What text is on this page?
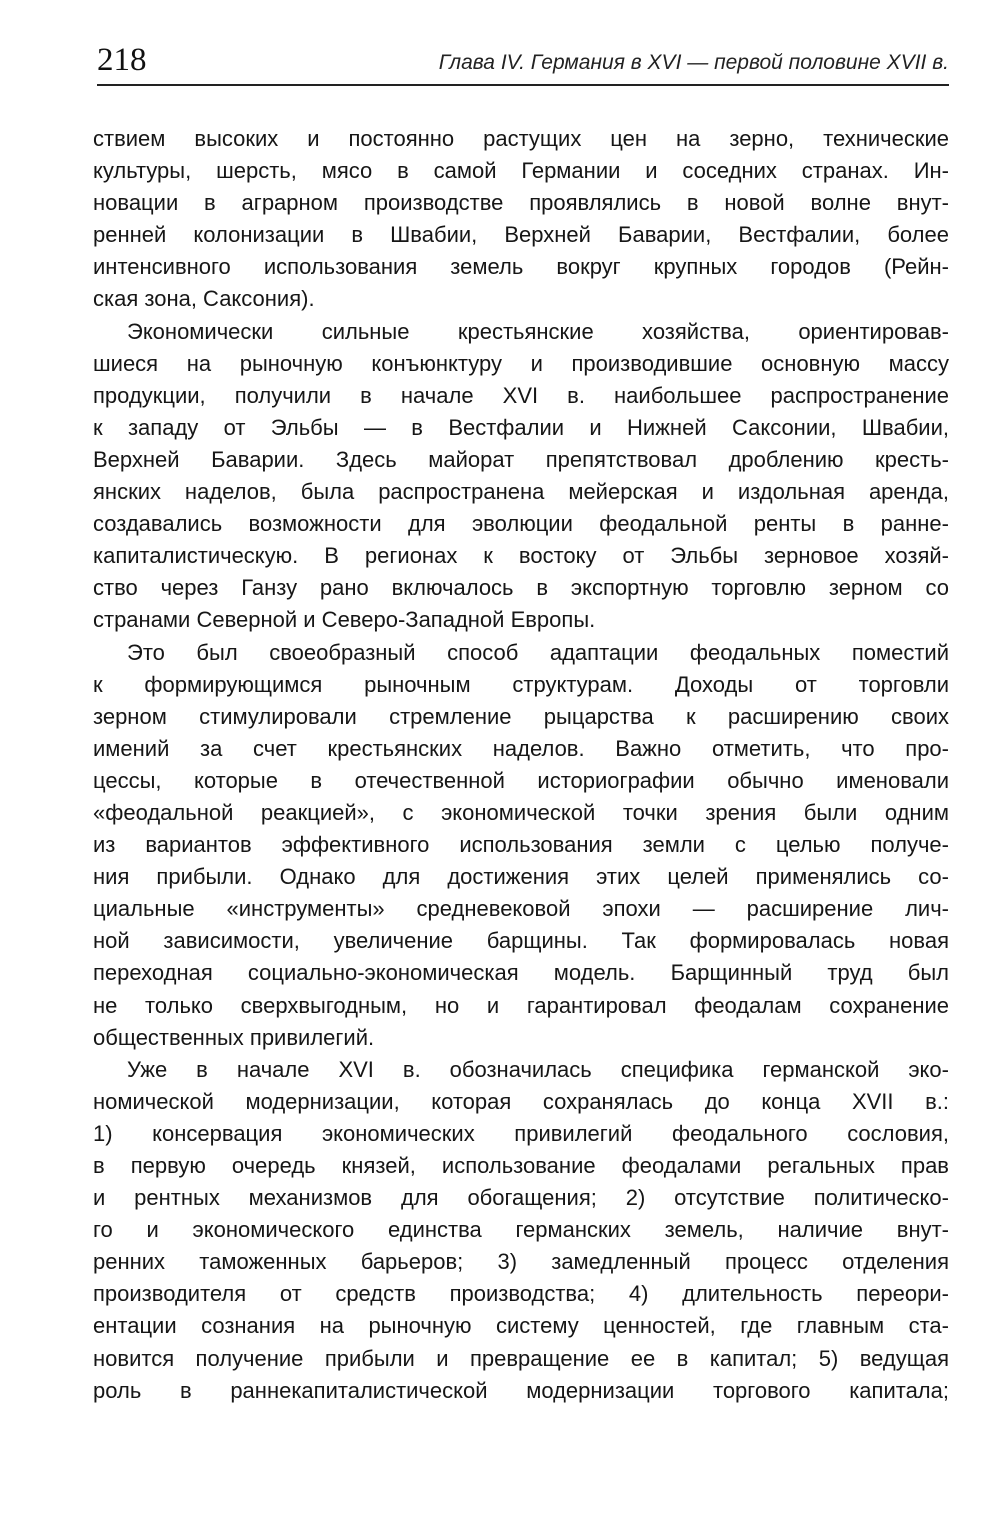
218	Глава IV. Германия в XVI — первой половине XVII в.
ствием высоких и постоянно растущих цен на зерно, технические
культуры, шерсть, мясо в самой Германии и соседних странах. Ин-
новации в аграрном производстве проявлялись в новой волне внут-
ренней колонизации в Швабии, Верхней Баварии, Вестфалии, более
интенсивного использования земель вокруг крупных городов (Рейн-
ская зона, Саксония).
Экономически сильные крестьянские хозяйства, ориентировав-
шиеся на рыночную конъюнктуру и производившие основную массу
продукции, получили в начале XVI в. наибольшее распространение
к западу от Эльбы — в Вестфалии и Нижней Саксонии, Швабии,
Верхней Баварии. Здесь майорат препятствовал дроблению кресть-
янских наделов, была распространена мейерская и издольная аренда,
создавались возможности для эволюции феодальной ренты в ранне-
капиталистическую. В регионах к востоку от Эльбы зерновое хозяй-
ство через Ганзу рано включалось в экспортную торговлю зерном со
странами Северной и Северо-Западной Европы.
Это был своеобразный способ адаптации феодальных поместий
к формирующимся рыночным структурам. Доходы от торговли
зерном стимулировали стремление рыцарства к расширению своих
имений за счет крестьянских наделов. Важно отметить, что про-
цессы, которые в отечественной историографии обычно именовали
«феодальной реакцией», с экономической точки зрения были одним
из вариантов эффективного использования земли с целью получе-
ния прибыли. Однако для достижения этих целей применялись со-
циальные «инструменты» средневековой эпохи — расширение лич-
ной зависимости, увеличение барщины. Так формировалась новая
переходная социально-экономическая модель. Барщинный труд был
не только сверхвыгодным, но и гарантировал феодалам сохранение
общественных привилегий.
Уже в начале XVI в. обозначилась специфика германской эко-
номической модернизации, которая сохранялась до конца XVII в.:
1) консервация экономических привилегий феодального сословия,
в первую очередь князей, использование феодалами регальных прав
и рентных механизмов для обогащения; 2) отсутствие политическо-
го и экономического единства германских земель, наличие внут-
ренних таможенных барьеров; 3) замедленный процесс отделения
производителя от средств производства; 4) длительность переори-
ентации сознания на рыночную систему ценностей, где главным ста-
новится получение прибыли и превращение ее в капитал; 5) ведущая
роль в раннекапиталистической модернизации торгового капитала;
